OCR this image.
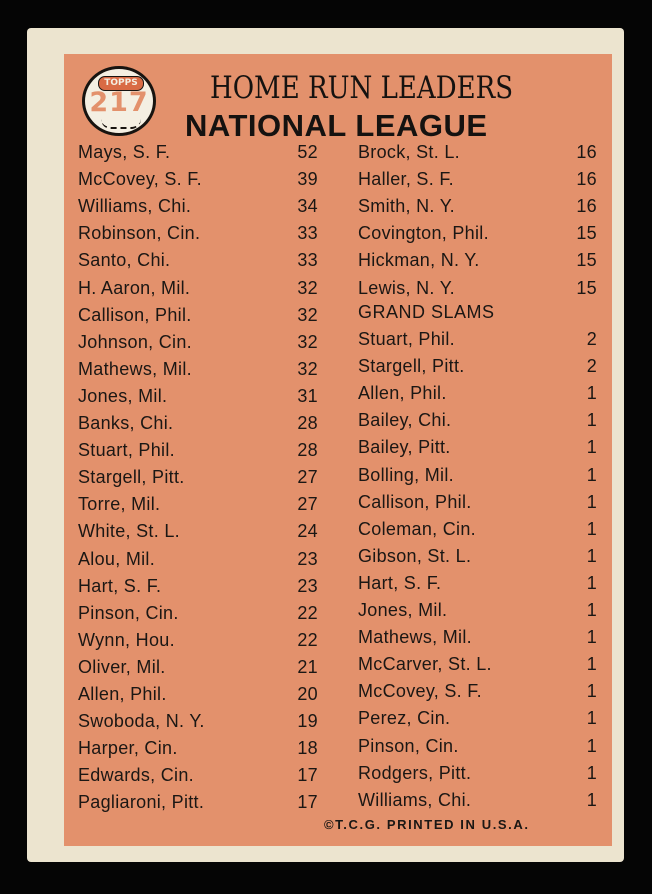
TOPPS
217 HOME RUN LEADERS
NATIONAL LEAGUE
Mays, S. F.	52
McCovey, S. F.	39
Williams, Chi.	34
Robinson, Cin.	33
Santo, Chi.	33
H. Aaron, Mil.	32
Callison, Phil.	32
Johnson, Cin.	32
Mathews, Mil.	32
Jones, Mil.	31
Banks, Chi.	28
Stuart, Phil.	28
Stargell, Pitt.	27
Torre, Mil.	27
White, St. L.	24
Alou, Mil.	23
Hart, S. F.	23
Pinson, Cin.	22
Wynn, Hou.	22
Oliver, Mil.	21
Allen, Phil.	20
Swoboda, N. Y.	19
Harper, Cin.	18
Edwards, Cin.	17
Pagliaroni, Pitt.	17
Brock, St. L.	16
Haller, S. F.	16
Smith, N. Y.	16
Covington, Phil.	15
Hickman, N. Y.	15
Lewis, N. Y.	15
GRAND SLAMS
Stuart, Phil.	2
Stargell, Pitt.	2
Allen, Phil.	1
Bailey, Chi.	1
Bailey, Pitt.	1
Bolling, Mil.	1
Callison, Phil.	1
Coleman, Cin.	1
Gibson, St. L.	1
Hart, S. F.	1
Jones, Mil.	1
Mathews, Mil.	1
McCarver, St. L.	1
McCovey, S. F.	1
Perez, Cin.	1
Pinson, Cin.	1
Rodgers, Pitt.	1
Williams, Chi.	1
©T.C.G. PRINTED IN U.S.A.
